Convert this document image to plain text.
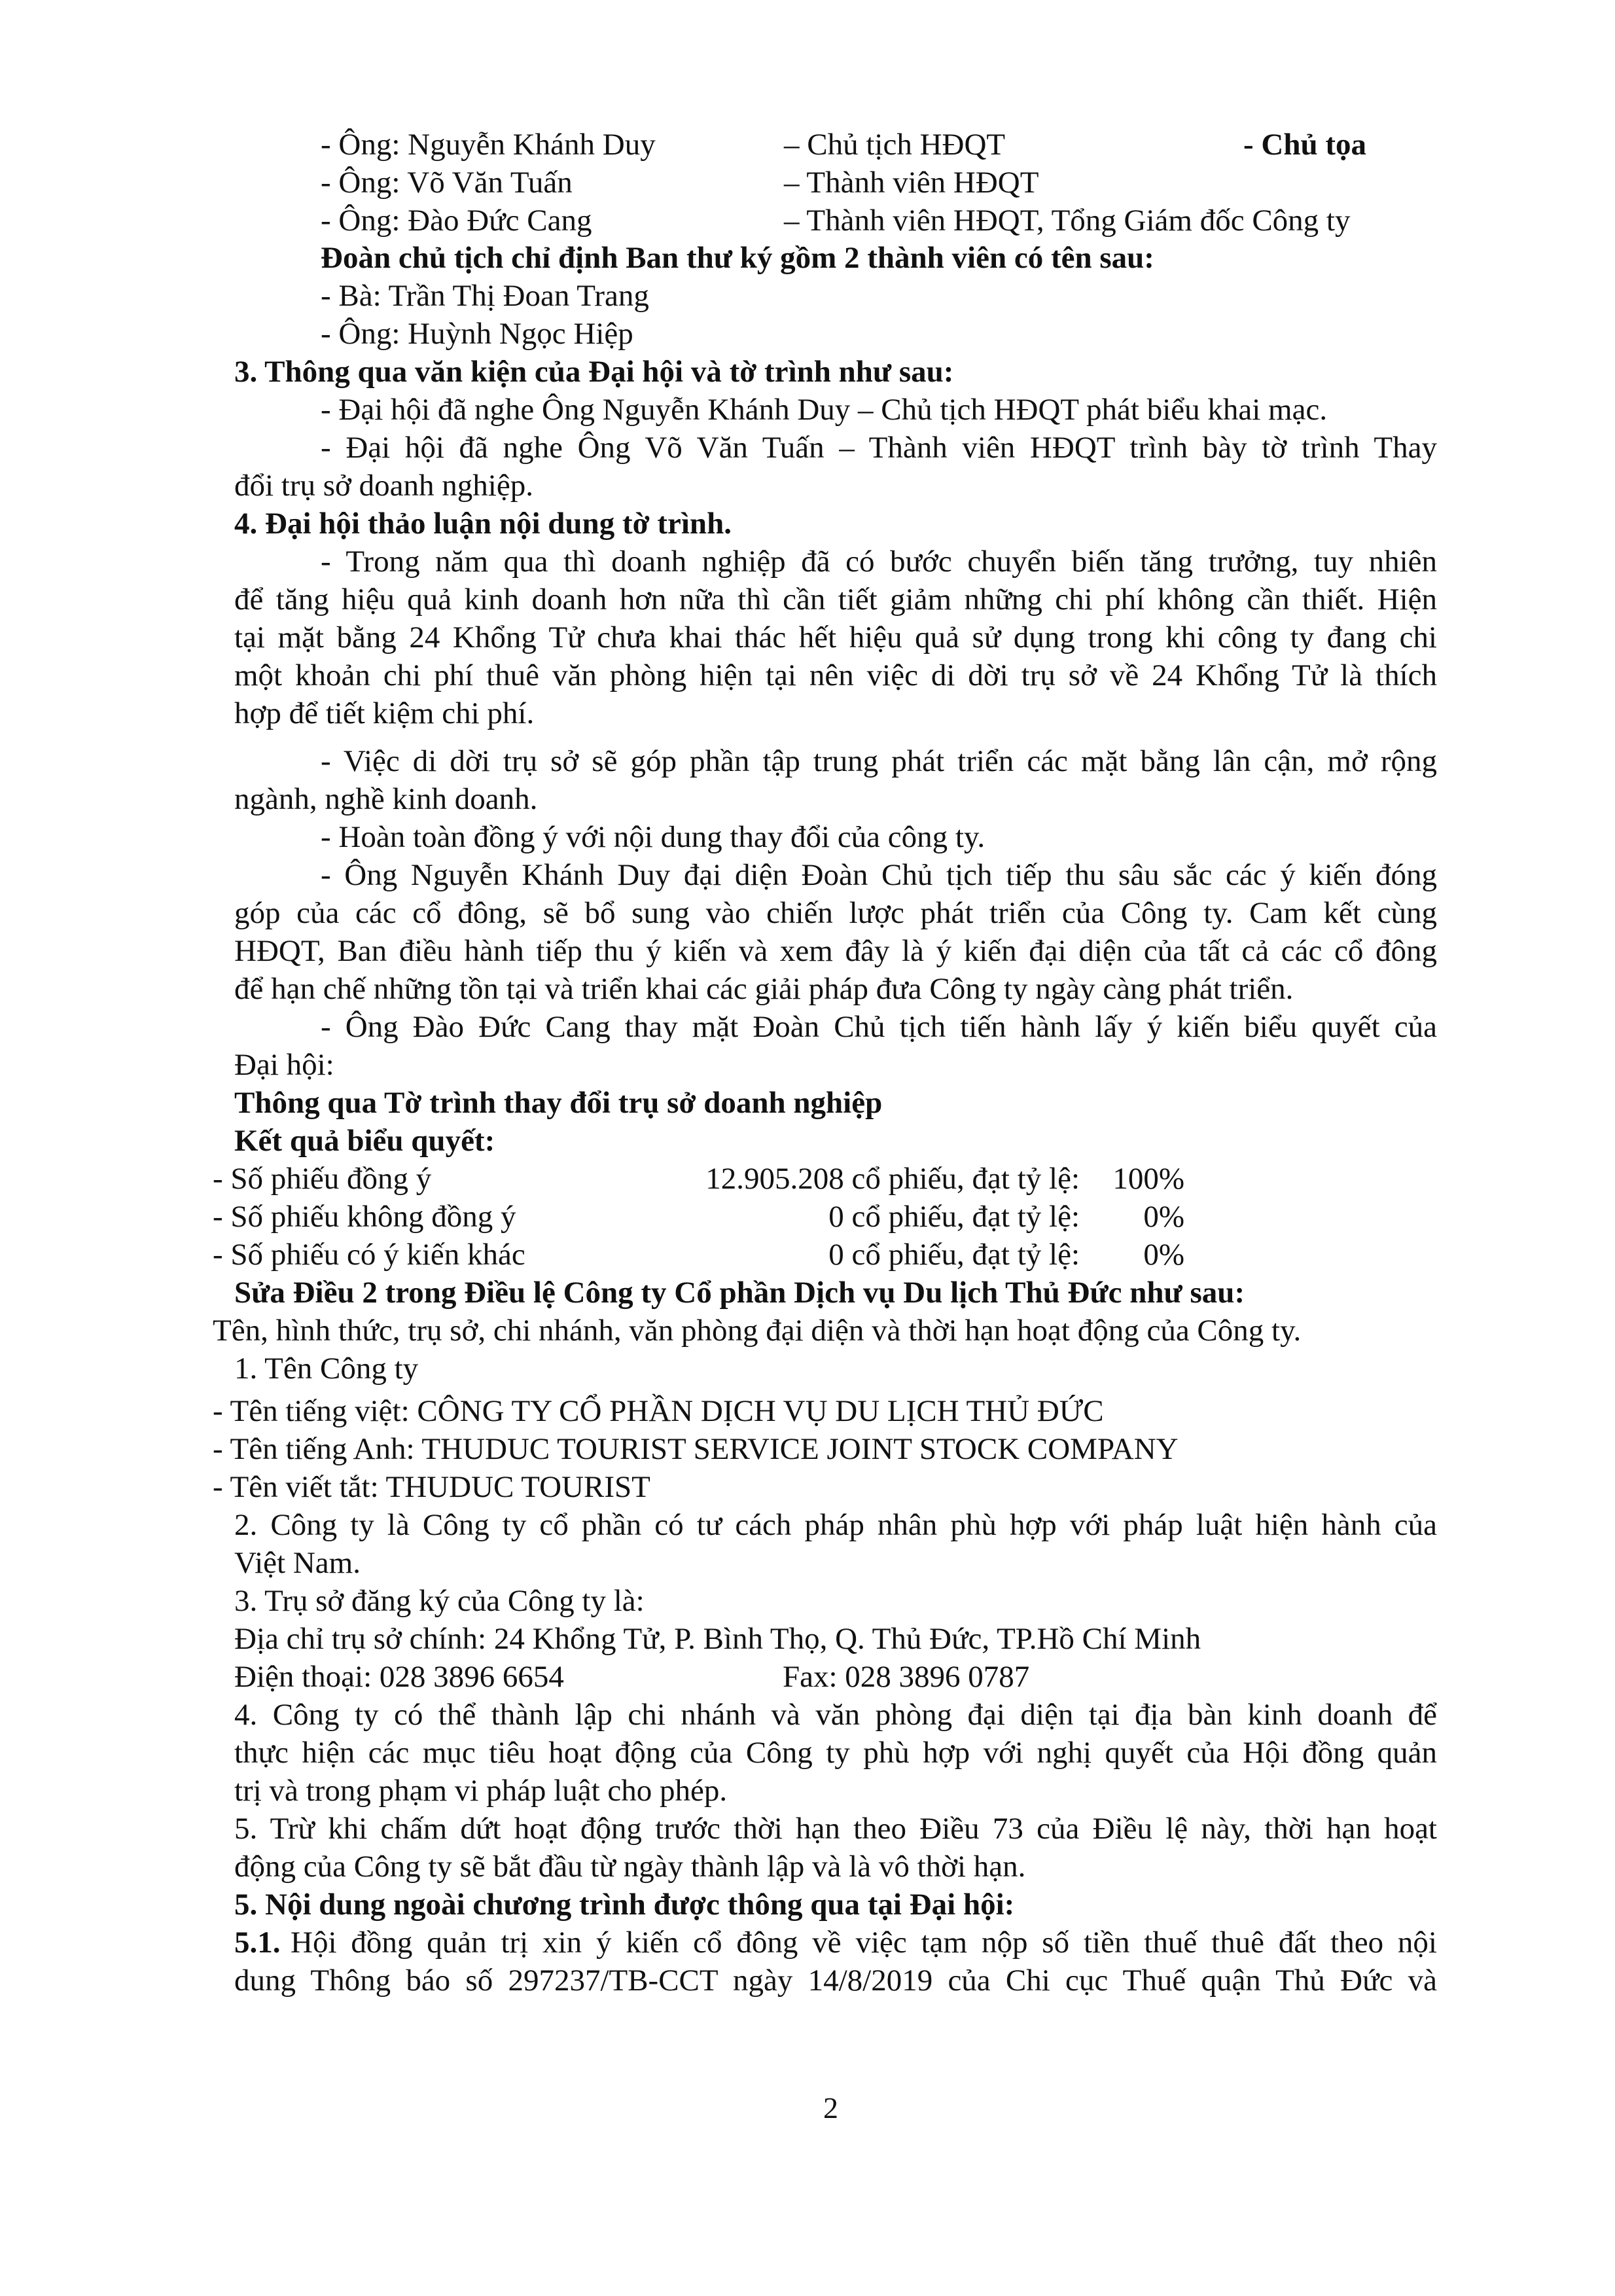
- Ông: Nguyễn Khánh Duy	– Chủ tịch HĐQT	- Chủ tọa
- Ông: Võ Văn Tuấn	– Thành viên HĐQT
- Ông: Đào Đức Cang	– Thành viên HĐQT, Tổng Giám đốc Công ty
Đoàn chủ tịch chỉ định Ban thư ký gồm 2 thành viên có tên sau:
- Bà: Trần Thị Đoan Trang
- Ông: Huỳnh Ngọc Hiệp
3. Thông qua văn kiện của Đại hội và tờ trình như sau:
- Đại hội đã nghe Ông Nguyễn Khánh Duy – Chủ tịch HĐQT phát biểu khai mạc.
- Đại hội đã nghe Ông Võ Văn Tuấn – Thành viên HĐQT trình bày tờ trình Thay
đổi trụ sở doanh nghiệp.
4. Đại hội thảo luận nội dung tờ trình.
- Trong năm qua thì doanh nghiệp đã có bước chuyển biến tăng trưởng, tuy nhiên
để tăng hiệu quả kinh doanh hơn nữa thì cần tiết giảm những chi phí không cần thiết. Hiện
tại mặt bằng 24 Khổng Tử chưa khai thác hết hiệu quả sử dụng trong khi công ty đang chi
một khoản chi phí thuê văn phòng hiện tại nên việc di dời trụ sở về 24 Khổng Tử là thích
hợp để tiết kiệm chi phí.
- Việc di dời trụ sở sẽ góp phần tập trung phát triển các mặt bằng lân cận, mở rộng
ngành, nghề kinh doanh.
- Hoàn toàn đồng ý với nội dung thay đổi của công ty.
- Ông Nguyễn Khánh Duy đại diện Đoàn Chủ tịch tiếp thu sâu sắc các ý kiến đóng
góp của các cổ đông, sẽ bổ sung vào chiến lược phát triển của Công ty. Cam kết cùng
HĐQT, Ban điều hành tiếp thu ý kiến và xem đây là ý kiến đại diện của tất cả các cổ đông
để hạn chế những tồn tại và triển khai các giải pháp đưa Công ty ngày càng phát triển.
- Ông Đào Đức Cang thay mặt Đoàn Chủ tịch tiến hành lấy ý kiến biểu quyết của
Đại hội:
Thông qua Tờ trình thay đổi trụ sở doanh nghiệp
Kết quả biểu quyết:
- Số phiếu đồng ý	12.905.208 cổ phiếu, đạt tỷ lệ:	100%
- Số phiếu không đồng ý	0 cổ phiếu, đạt tỷ lệ:	0%
- Số phiếu có ý kiến khác	0 cổ phiếu, đạt tỷ lệ:	0%
Sửa Điều 2 trong Điều lệ Công ty Cổ phần Dịch vụ Du lịch Thủ Đức như sau:
Tên, hình thức, trụ sở, chi nhánh, văn phòng đại diện và thời hạn hoạt động của Công ty.
1. Tên Công ty
- Tên tiếng việt: CÔNG TY CỔ PHẦN DỊCH VỤ DU LỊCH THỦ ĐỨC
- Tên tiếng Anh: THUDUC TOURIST SERVICE JOINT STOCK COMPANY
- Tên viết tắt: THUDUC TOURIST
2. Công ty là Công ty cổ phần có tư cách pháp nhân phù hợp với pháp luật hiện hành của
Việt Nam.
3. Trụ sở đăng ký của Công ty là:
Địa chỉ trụ sở chính: 24 Khổng Tử, P. Bình Thọ, Q. Thủ Đức, TP.Hồ Chí Minh
Điện thoại: 028 3896 6654	Fax: 028 3896 0787
4. Công ty có thể thành lập chi nhánh và văn phòng đại diện tại địa bàn kinh doanh để
thực hiện các mục tiêu hoạt động của Công ty phù hợp với nghị quyết của Hội đồng quản
trị và trong phạm vi pháp luật cho phép.
5. Trừ khi chấm dứt hoạt động trước thời hạn theo Điều 73 của Điều lệ này, thời hạn hoạt
động của Công ty sẽ bắt đầu từ ngày thành lập và là vô thời hạn.
5. Nội dung ngoài chương trình được thông qua tại Đại hội:
5.1. Hội đồng quản trị xin ý kiến cổ đông về việc tạm nộp số tiền thuế thuê đất theo nội
dung Thông báo số 297237/TB-CCT ngày 14/8/2019 của Chi cục Thuế quận Thủ Đức và
2
